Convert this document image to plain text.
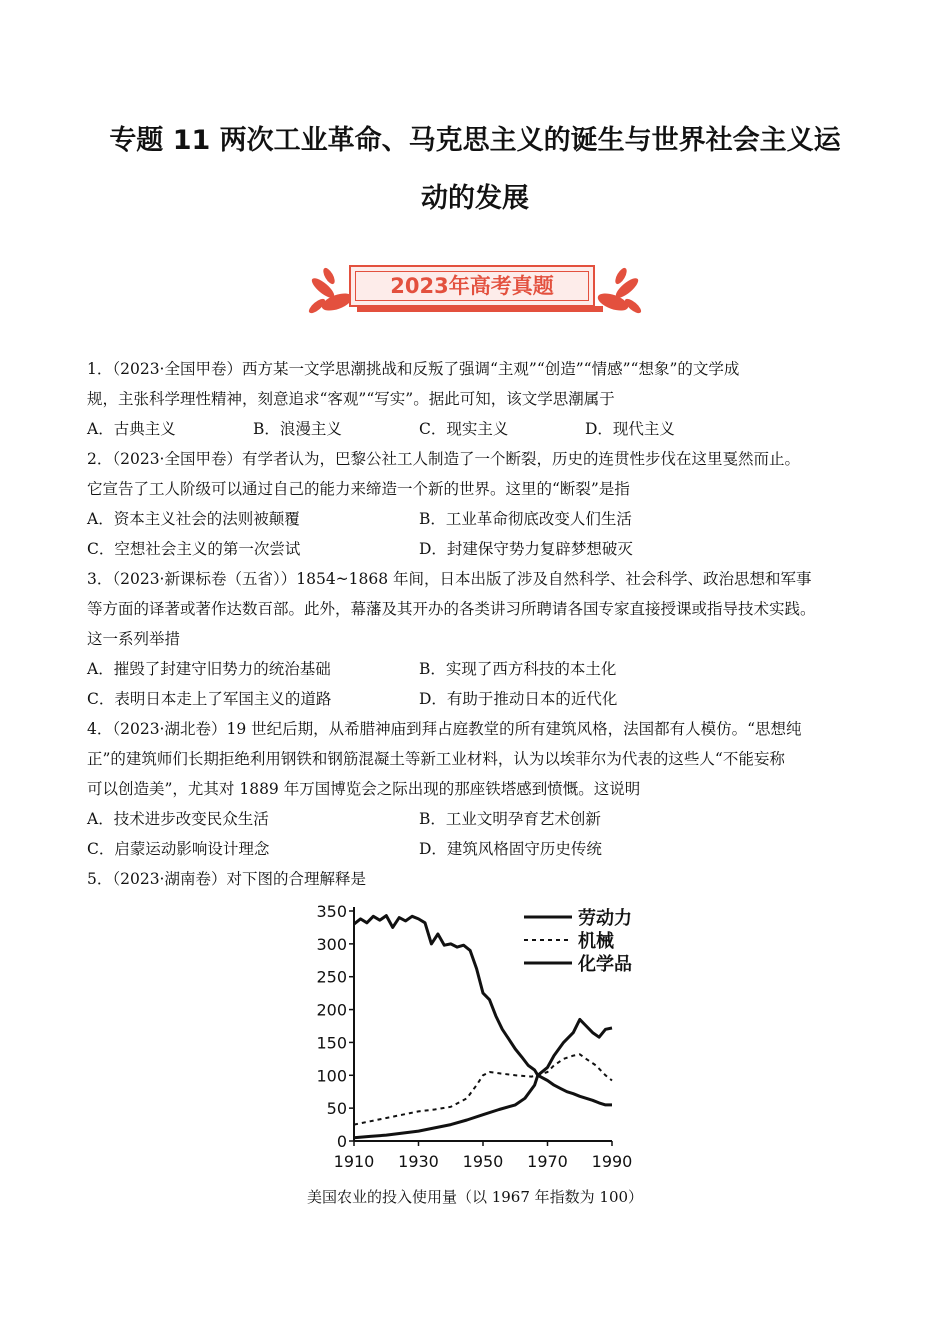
专题 11 两次工业革命、马克思主义的诞生与世界社会主义运
动的发展
2023年高考真题
1．（2023·全国甲卷）西方某一文学思潮挑战和反叛了强调“主观”“创造”“情感”“想象”的文学成
规，主张科学理性精神，刻意追求“客观”“写实”。据此可知，该文学思潮属于
A．古典主义	B．浪漫主义	C．现实主义	D．现代主义
2．（2023·全国甲卷）有学者认为，巴黎公社工人制造了一个断裂，历史的连贯性步伐在这里戛然而止。
它宣告了工人阶级可以通过自己的能力来缔造一个新的世界。这里的“断裂”是指
A．资本主义社会的法则被颠覆	B．工业革命彻底改变人们生活
C．空想社会主义的第一次尝试	D．封建保守势力复辟梦想破灭
3．（2023·新课标卷（五省））1854~1868 年间，日本出版了涉及自然科学、社会科学、政治思想和军事
等方面的译著或著作达数百部。此外，幕藩及其开办的各类讲习所聘请各国专家直接授课或指导技术实践。
这一系列举措
A．摧毁了封建守旧势力的统治基础	B．实现了西方科技的本土化
C．表明日本走上了军国主义的道路	D．有助于推动日本的近代化
4．（2023·湖北卷）19 世纪后期，从希腊神庙到拜占庭教堂的所有建筑风格，法国都有人模仿。“思想纯
正”的建筑师们长期拒绝利用钢铁和钢筋混凝土等新工业材料，认为以埃菲尔为代表的这些人“不能妄称
可以创造美”，尤其对 1889 年万国博览会之际出现的那座铁塔感到愤慨。这说明
A．技术进步改变民众生活	B．工业文明孕育艺术创新
C．启蒙运动影响设计理念	D．建筑风格固守历史传统
5．（2023·湖南卷）对下图的合理解释是
0
50
100
150
200
250
300
350
1910 1930 1950 1970 1990
劳动力
机械
化学品
美国农业的投入使用量（以 1967 年指数为 100）
